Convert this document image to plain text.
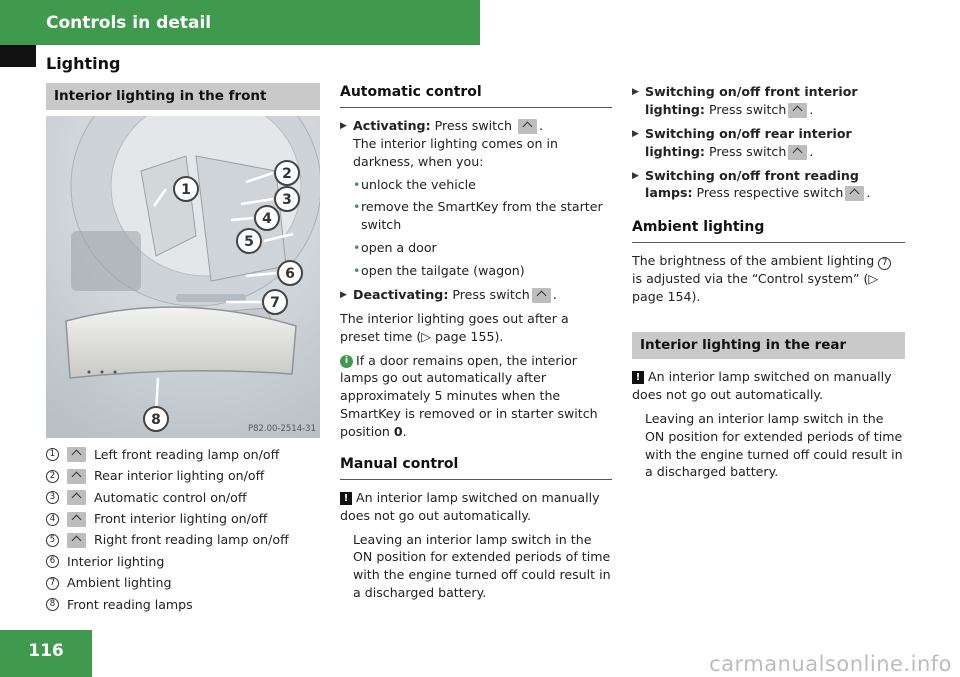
Controls in detail
Lighting
Interior lighting in the front
1
2
3
4
5
6
7
8
P82.00-2514-31
1	Left front reading lamp on/off
2	Rear interior lighting on/off
3	Automatic control on/off
4	Front interior lighting on/off
5	Right front reading lamp on/off
6 Interior lighting
7 Ambient lighting
8 Front reading lamps
Automatic control
▶ Activating: Press switch .
The interior lighting comes on in darkness, when you:
• unlock the vehicle
• remove the SmartKey from the starter switch
• open a door
• open the tailgate (wagon)
▶ Deactivating: Press switch .
The interior lighting goes out after a preset time (▷ page 155).
i If a door remains open, the interior lamps go out automatically after approximately 5 minutes when the SmartKey is removed or in starter switch position 0.
Manual control
! An interior lamp switched on manually does not go out automatically.
Leaving an interior lamp switch in the ON position for extended periods of time with the engine turned off could result in a discharged battery.
▶ Switching on/off front interior lighting: Press switch .
▶ Switching on/off rear interior lighting: Press switch .
▶ Switching on/off front reading lamps: Press respective switch .
Ambient lighting
The brightness of the ambient lighting 7 is adjusted via the “Control system” (▷ page 154).
Interior lighting in the rear
! An interior lamp switched on manually does not go out automatically.
Leaving an interior lamp switch in the ON position for extended periods of time with the engine turned off could result in a discharged battery.
116
carmanualsonline.info
